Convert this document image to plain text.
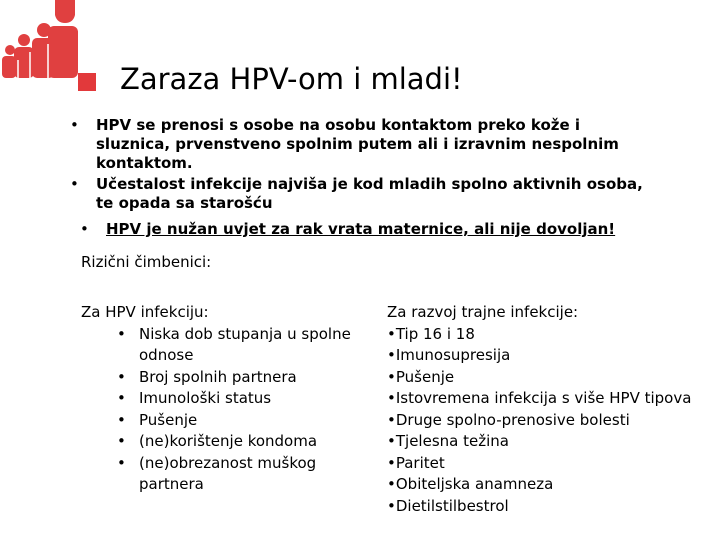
Zaraza HPV-om i mladi!
• HPV se prenosi s osobe na osobu kontaktom preko kože i sluznica, prvenstveno spolnim putem ali i izravnim nespolnim kontaktom.
• Učestalost infekcije najviša je kod mladih spolno aktivnih osoba, te opada sa starošću
• HPV je nužan uvjet za rak vrata maternice, ali nije dovoljan!
Rizični čimbenici:
Za HPV infekciju:
• Niska dob stupanja u spolne odnose
• Broj spolnih partnera
• Imunološki status
• Pušenje
• (ne)korištenje kondoma
• (ne)obrezanost muškog partnera
Za razvoj trajne infekcije:
•Tip 16 i 18
•Imunosupresija
•Pušenje
•Istovremena infekcija s više HPV tipova
•Druge spolno-prenosive bolesti
•Tjelesna težina
•Paritet
•Obiteljska anamneza
•Dietilstilbestrol
